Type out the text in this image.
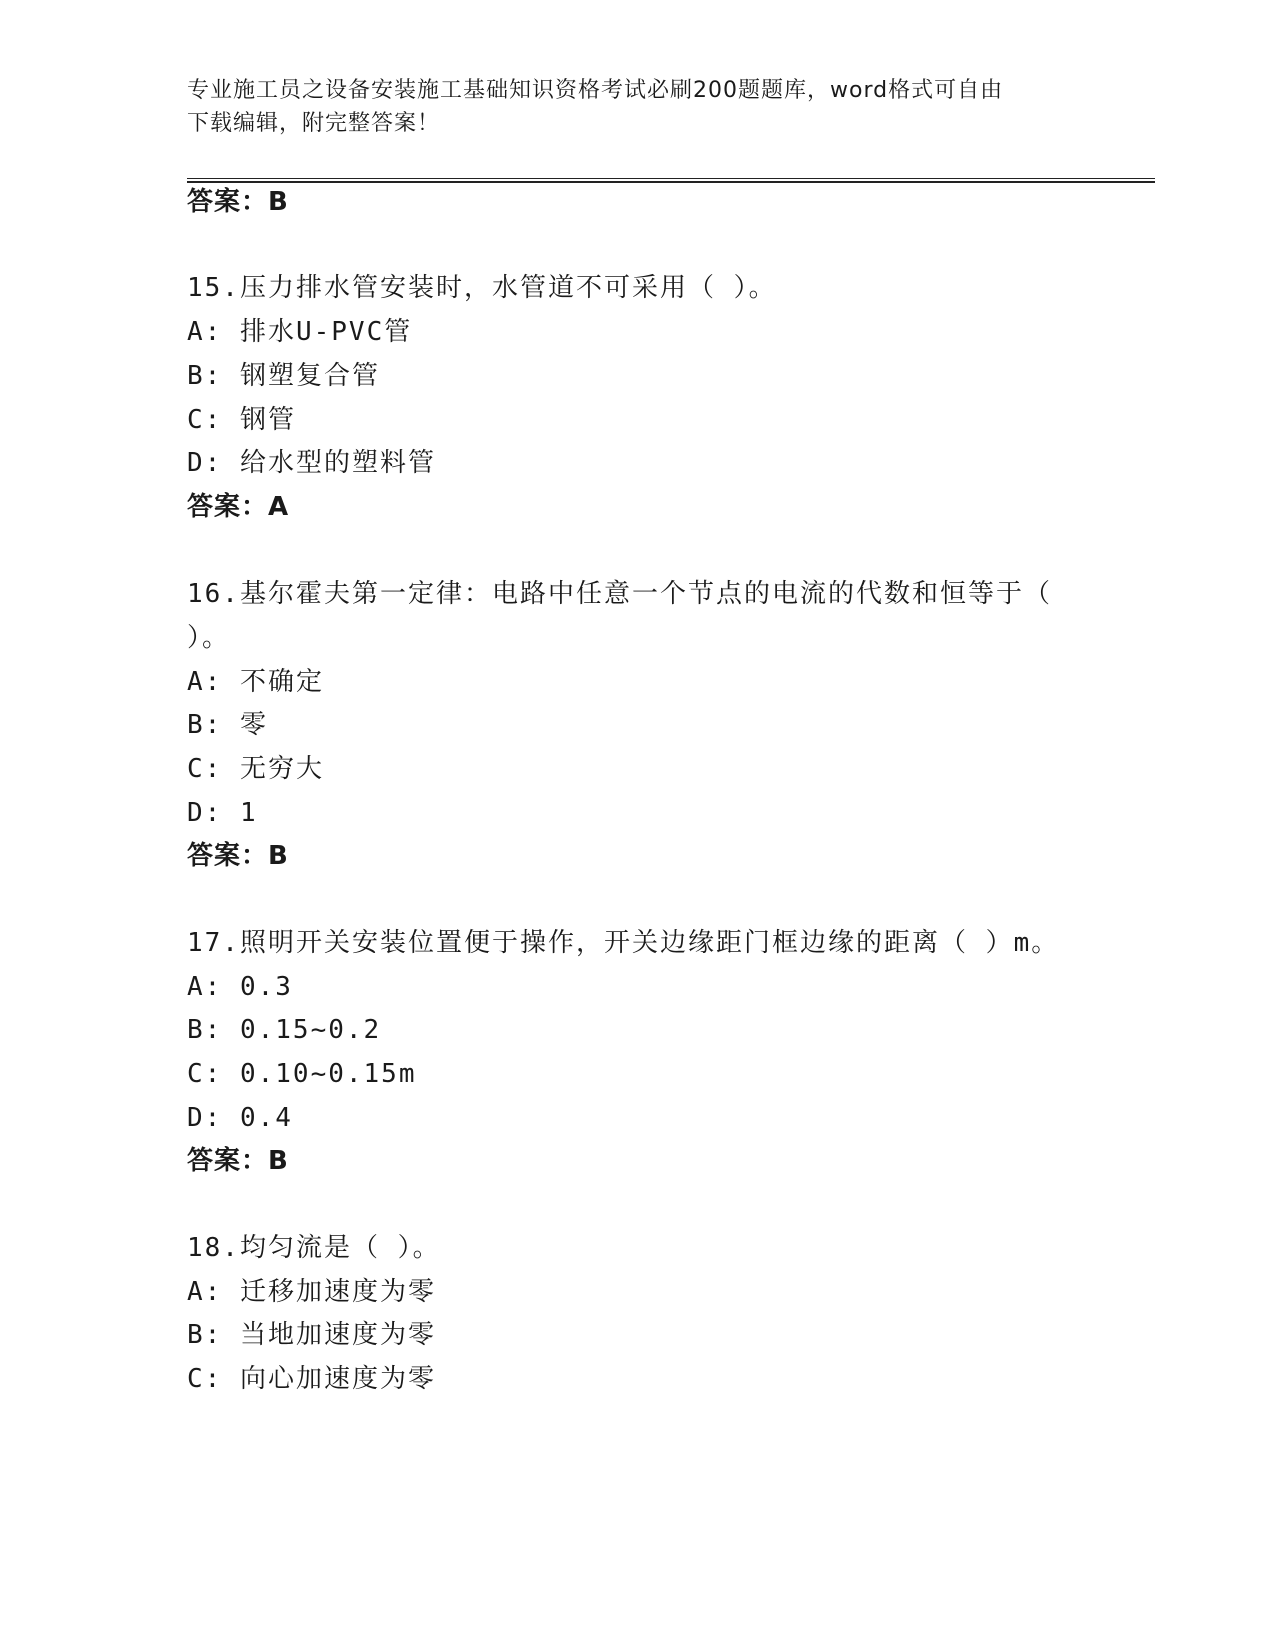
专业施工员之设备安装施工基础知识资格考试必刷200题题库，word格式可自由
下载编辑，附完整答案！
答案：B
15.压力排水管安装时，水管道不可采用（ ）。
A: 排水U-PVC管
B: 钢塑复合管
C: 钢管
D: 给水型的塑料管
答案：A
16.基尔霍夫第一定律：电路中任意一个节点的电流的代数和恒等于（
）。
A: 不确定
B: 零
C: 无穷大
D: 1
答案：B
17.照明开关安装位置便于操作，开关边缘距门框边缘的距离（ ）m。
A: 0.3
B: 0.15~0.2
C: 0.10~0.15m
D: 0.4
答案：B
18.均匀流是（ ）。
A: 迁移加速度为零
B: 当地加速度为零
C: 向心加速度为零
